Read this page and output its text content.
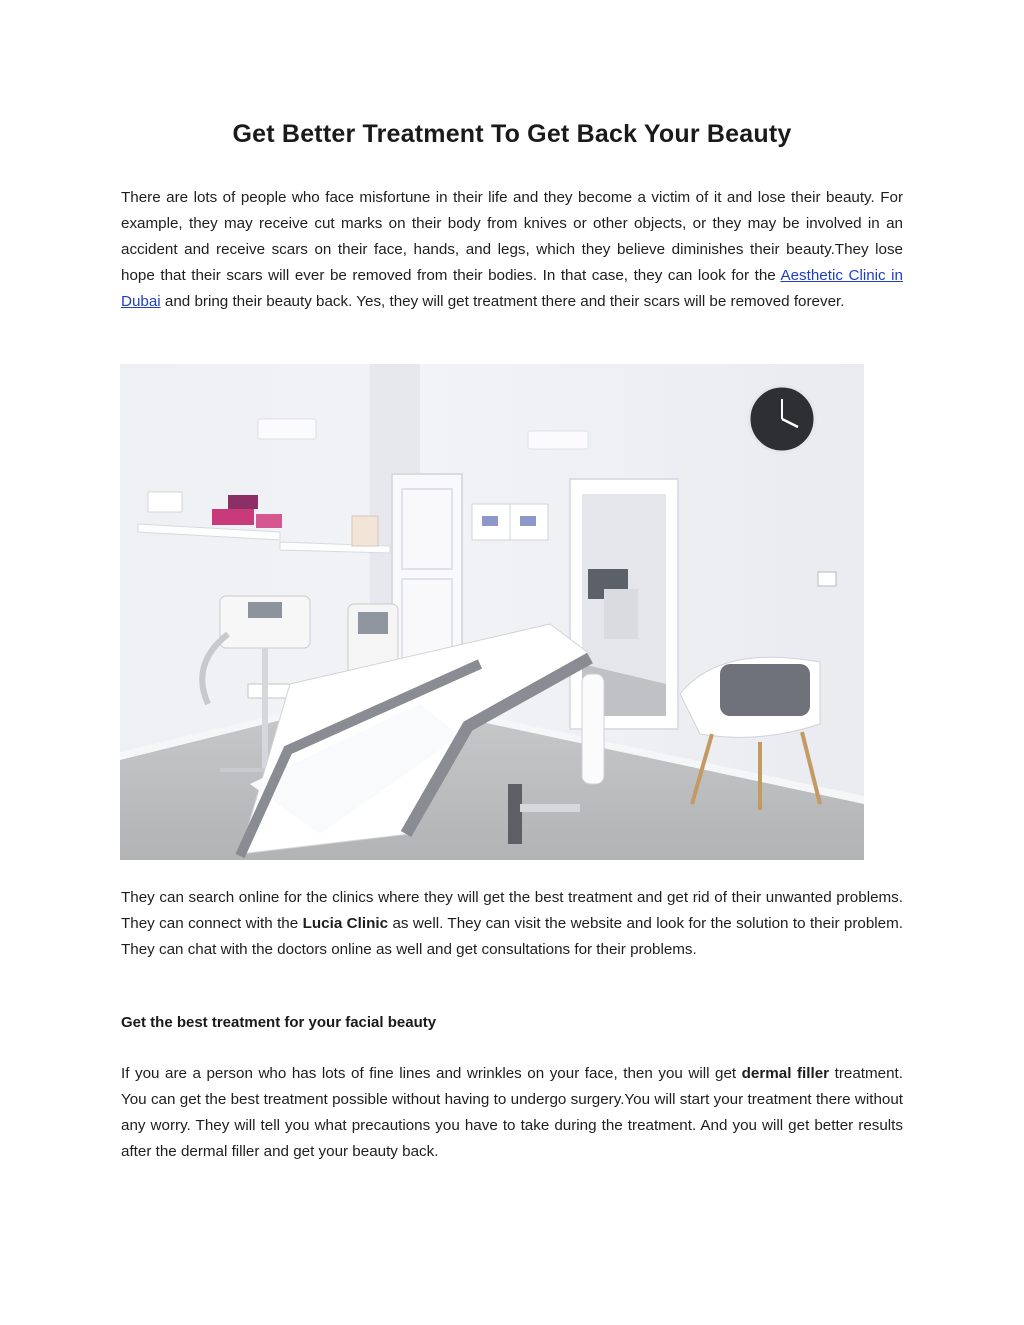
Get Better Treatment To Get Back Your Beauty

There are lots of people who face misfortune in their life and they become a victim of it and lose their beauty. For example, they may receive cut marks on their body from knives or other objects, or they may be involved in an accident and receive scars on their face, hands, and legs, which they believe diminishes their beauty.They lose hope that their scars will ever be removed from their bodies. In that case, they can look for the Aesthetic Clinic in Dubai and bring their beauty back. Yes, they will get treatment there and their scars will be removed forever.

They can search online for the clinics where they will get the best treatment and get rid of their unwanted problems. They can connect with the Lucia Clinic as well. They can visit the website and look for the solution to their problem. They can chat with the doctors online as well and get consultations for their problems.

Get the best treatment for your facial beauty

If you are a person who has lots of fine lines and wrinkles on your face, then you will get dermal filler treatment. You can get the best treatment possible without having to undergo surgery.You will start your treatment there without any worry. They will tell you what precautions you have to take during the treatment. And you will get better results after the dermal filler and get your beauty back.
